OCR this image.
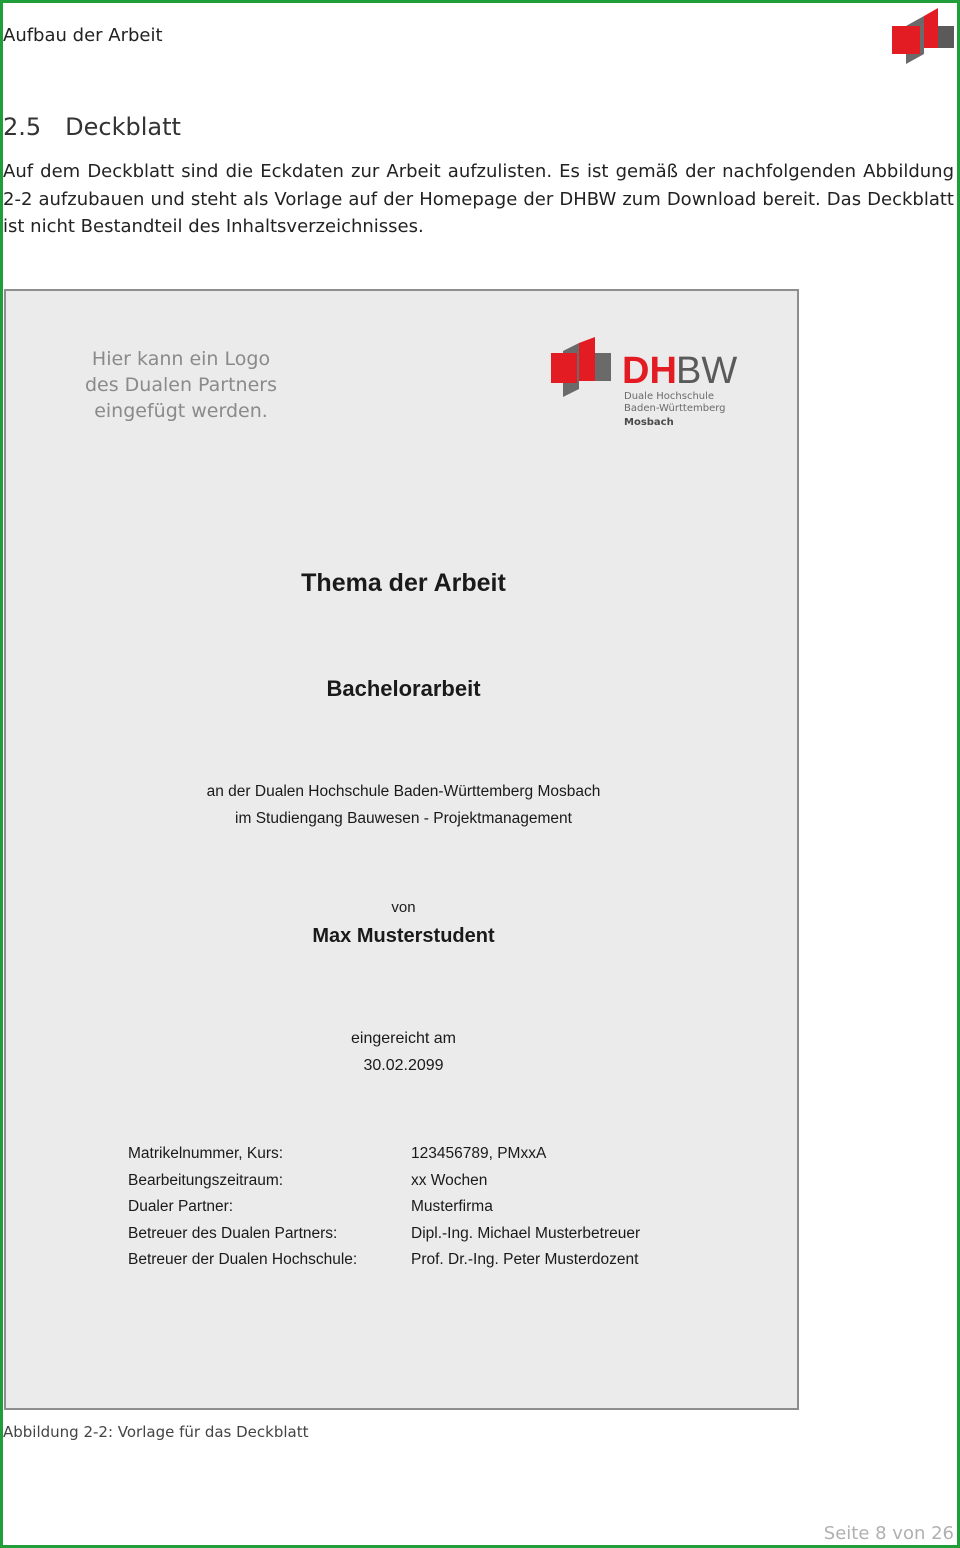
Aufbau der Arbeit
2.5 Deckblatt

Auf dem Deckblatt sind die Eckdaten zur Arbeit aufzulisten. Es ist gemäß der nachfolgenden Abbildung 2-2 aufzubauen und steht als Vorlage auf der Homepage der DHBW zum Download bereit. Das Deckblatt ist nicht Bestandteil des Inhaltsverzeichnisses.

Hier kann ein Logo
des Dualen Partners
eingefügt werden.
DH BW
Duale Hochschule
Baden-Württemberg
Mosbach
Thema der Arbeit
Bachelorarbeit
an der Dualen Hochschule Baden-Württemberg Mosbach
im Studiengang Bauwesen - Projektmanagement
von
Max Musterstudent
eingereicht am
30.02.2099
Matrikelnummer, Kurs:	123456789, PMxxA
Bearbeitungszeitraum:	xx Wochen
Dualer Partner:	Musterfirma
Betreuer des Dualen Partners:	Dipl.-Ing. Michael Musterbetreuer
Betreuer der Dualen Hochschule:	Prof. Dr.-Ing. Peter Musterdozent
Abbildung 2-2: Vorlage für das Deckblatt
Seite 8 von 26
